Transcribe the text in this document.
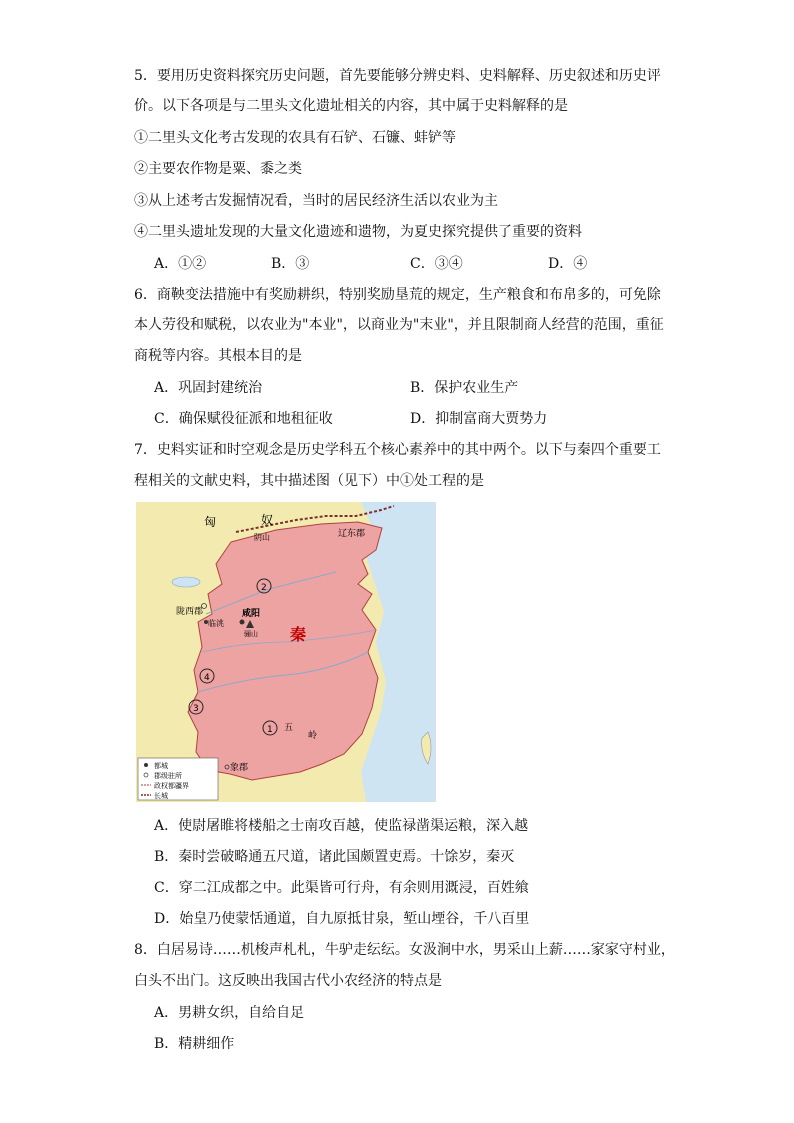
5．要用历史资料探究历史问题，首先要能够分辨史料、史料解释、历史叙述和历史评
价。以下各项是与二里头文化遗址相关的内容，其中属于史料解释的是
①二里头文化考古发现的农具有石铲、石镰、蚌铲等
②主要农作物是粟、黍之类
③从上述考古发掘情况看，当时的居民经济生活以农业为主
④二里头遗址发现的大量文化遗迹和遗物，为夏史探究提供了重要的资料
A．①②	B．③	C．③④	D．④
6．商鞅变法措施中有奖励耕织，特别奖励垦荒的规定，生产粮食和布帛多的，可免除
本人劳役和赋税，以农业为"本业"，以商业为"末业"，并且限制商人经营的范围，重征
商税等内容。其根本目的是
A．巩固封建统治	B．保护农业生产
C．确保赋役征派和地租征收	D．抑制富商大贾势力
7．史料实证和时空观念是历史学科五个核心素养中的其中两个。以下与秦四个重要工
程相关的文献史料，其中描述图（见下）中①处工程的是
匈	奴
阴山	辽东郡
陇西郡
临洮
咸阳
骊山 秦
五
岭
象郡
1
2
3
4
都城
郡级驻所
政权都疆界
长城
A．使尉屠睢将楼船之士南攻百越，使监禄凿渠运粮，深入越
B．秦时尝破略通五尺道，诸此国颇置吏焉。十馀岁，秦灭
C．穿二江成都之中。此渠皆可行舟，有余则用溉浸，百姓飨
D．始皇乃使蒙恬通道，自九原抵甘泉，堑山堙谷，千八百里
8．白居易诗……机梭声札札，牛驴走纭纭。女汲涧中水，男采山上薪……家家守村业，
白头不出门。这反映出我国古代小农经济的特点是
A．男耕女织，自给自足
B．精耕细作
